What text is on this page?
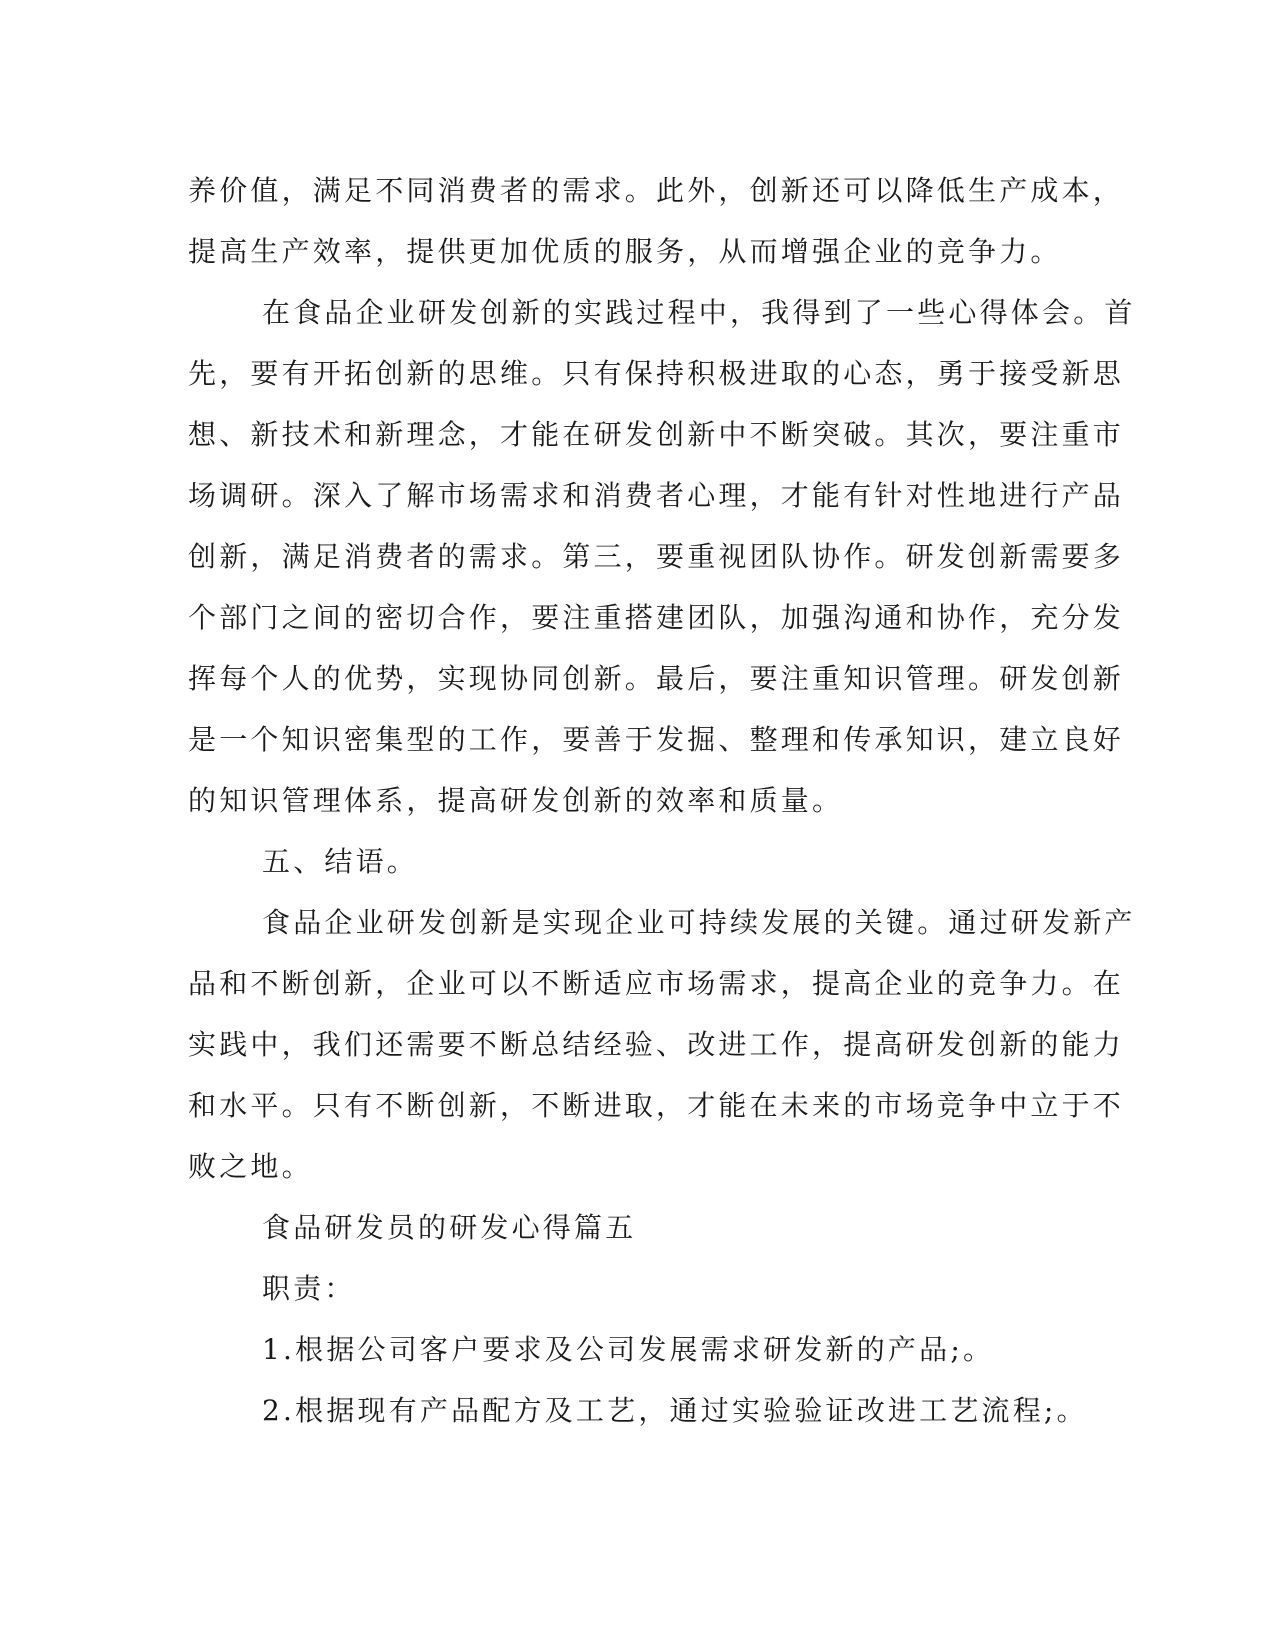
养价值，满足不同消费者的需求。此外，创新还可以降低生产成本，
提高生产效率，提供更加优质的服务，从而增强企业的竞争力。
在食品企业研发创新的实践过程中，我得到了一些心得体会。首
先，要有开拓创新的思维。只有保持积极进取的心态，勇于接受新思
想、新技术和新理念，才能在研发创新中不断突破。其次，要注重市
场调研。深入了解市场需求和消费者心理，才能有针对性地进行产品
创新，满足消费者的需求。第三，要重视团队协作。研发创新需要多
个部门之间的密切合作，要注重搭建团队，加强沟通和协作，充分发
挥每个人的优势，实现协同创新。最后，要注重知识管理。研发创新
是一个知识密集型的工作，要善于发掘、整理和传承知识，建立良好
的知识管理体系，提高研发创新的效率和质量。
五、结语。
食品企业研发创新是实现企业可持续发展的关键。通过研发新产
品和不断创新，企业可以不断适应市场需求，提高企业的竞争力。在
实践中，我们还需要不断总结经验、改进工作，提高研发创新的能力
和水平。只有不断创新，不断进取，才能在未来的市场竞争中立于不
败之地。
食品研发员的研发心得篇五
职责：
1.根据公司客户要求及公司发展需求研发新的产品;。
2.根据现有产品配方及工艺，通过实验验证改进工艺流程;。
